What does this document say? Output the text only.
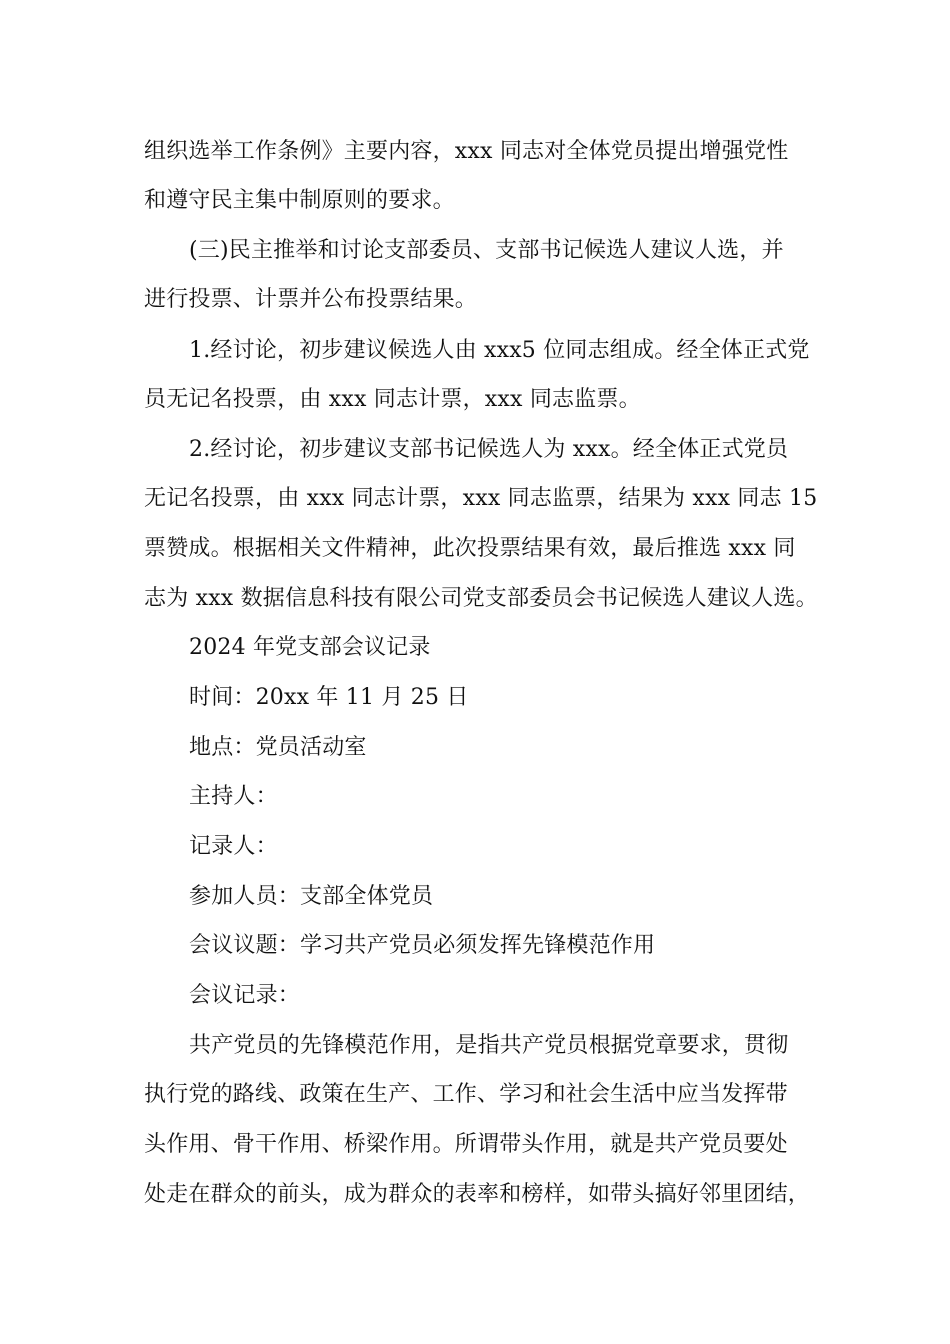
组织选举工作条例》主要内容，xxx 同志对全体党员提出增强党性
和遵守民主集中制原则的要求。
(三)民主推举和讨论支部委员、支部书记候选人建议人选，并
进行投票、计票并公布投票结果。
1.经讨论，初步建议候选人由 xxx5 位同志组成。经全体正式党
员无记名投票，由 xxx 同志计票，xxx 同志监票。
2.经讨论，初步建议支部书记候选人为 xxx。经全体正式党员
无记名投票，由 xxx 同志计票，xxx 同志监票，结果为 xxx 同志 15
票赞成。根据相关文件精神，此次投票结果有效，最后推选 xxx 同
志为 xxx 数据信息科技有限公司党支部委员会书记候选人建议人选。
2024 年党支部会议记录
时间：20xx 年 11 月 25 日
地点：党员活动室
主持人：
记录人：
参加人员：支部全体党员
会议议题：学习共产党员必须发挥先锋模范作用
会议记录：
共产党员的先锋模范作用，是指共产党员根据党章要求，贯彻
执行党的路线、政策在生产、工作、学习和社会生活中应当发挥带
头作用、骨干作用、桥梁作用。所谓带头作用，就是共产党员要处
处走在群众的前头，成为群众的表率和榜样，如带头搞好邻里团结，
